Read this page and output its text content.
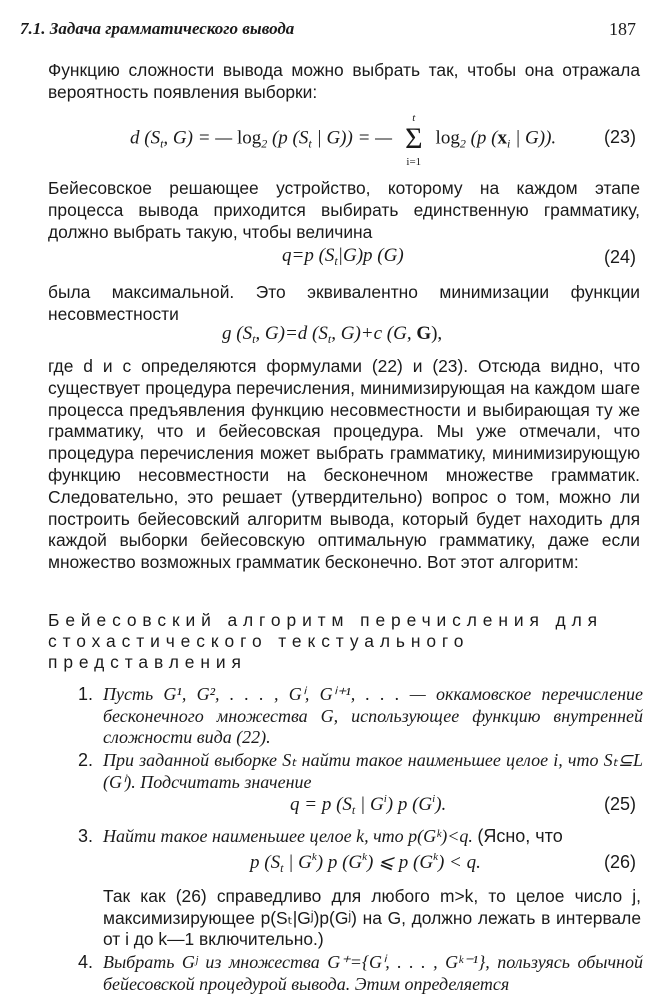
7.1. Задача грамматического вывода	187
Функцию сложности вывода можно выбрать так, чтобы она отражала вероятность появления выборки:
d ($S_t$, G) = — $\log_2 (p$ ($S_t$ | G)) = —
t
Σ
i=1
$\log_2 (p$ ($x_i$ | G)).	(23)
Бейесовское решающее устройство, которому на каждом этапе процесса вывода приходится выбирать единственную грамматику, должно выбрать такую, чтобы величина
q=p $(S_t|G)p$ (G)	(24)
была максимальной. Это эквивалентно минимизации функции несовместности
g ($S_t$, G)=d ($S_t$, G)+c (G, G),
где d и c определяются формулами (22) и (23). Отсюда видно, что существует процедура перечисления, минимизирующая на каждом шаге процесса предъявления функцию несовместности и выбирающая ту же грамматику, что и бейесовская процедура. Мы уже отмечали, что процедура перечисления может выбрать грамматику, минимизирующую функцию несовместности на бесконечном множестве грамматик. Следовательно, это решает (утвердительно) вопрос о том, можно ли построить бейесовский алгоритм вывода, который будет находить для каждой выборки бейесовскую оптимальную грамматику, даже если множество возможных грамматик бесконечно. Вот этот алгоритм:
Бейесовский алгоритм перечисления для стохастического текстуального представления
1. Пусть G¹, G², . . . , Gⁱ, Gⁱ⁺¹, . . . — оккамовское перечисление бесконечного множества G, использующее функцию внутренней сложности вида (22).
2. При заданной выборке Sₜ найти такое наименьшее целое i, что Sₜ⊆L (Gⁱ). Подсчитать значение
q = p ($S_t$ | $G^i$) p $(G^i)$.	(25)
3. Найти такое наименьшее целое k, что p(Gᵏ)<q. (Ясно, что
p ($S_t$ | $G^k$) p $(G^k)$ ⩽ p $(G^k) < q$.	(26)
Так как (26) справедливо для любого m>k, то целое число j, максимизирующее p(Sₜ|Gʲ)p(Gʲ) на G, должно лежать в интервале от i до k—1 включительно.)
4. Выбрать Gʲ из множества G⁺={Gⁱ, . . . , Gᵏ⁻¹}, пользуясь обычной бейесовской процедурой вывода. Этим определяется
